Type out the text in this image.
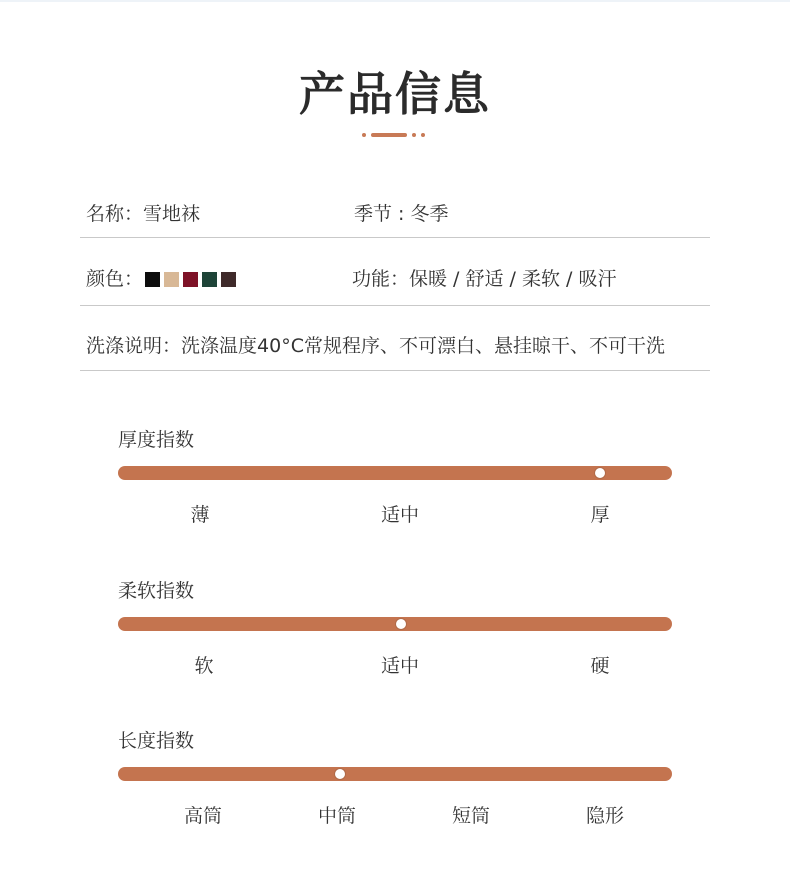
产品信息
名称：雪地袜	季节 : 冬季
颜色：	功能：保暖 / 舒适 / 柔软 / 吸汗
洗涤说明：洗涤温度40°C常规程序、不可漂白、悬挂晾干、不可干洗
厚度指数
薄	适中	厚
柔软指数
软	适中	硬
长度指数
高筒	中筒	短筒	隐形
